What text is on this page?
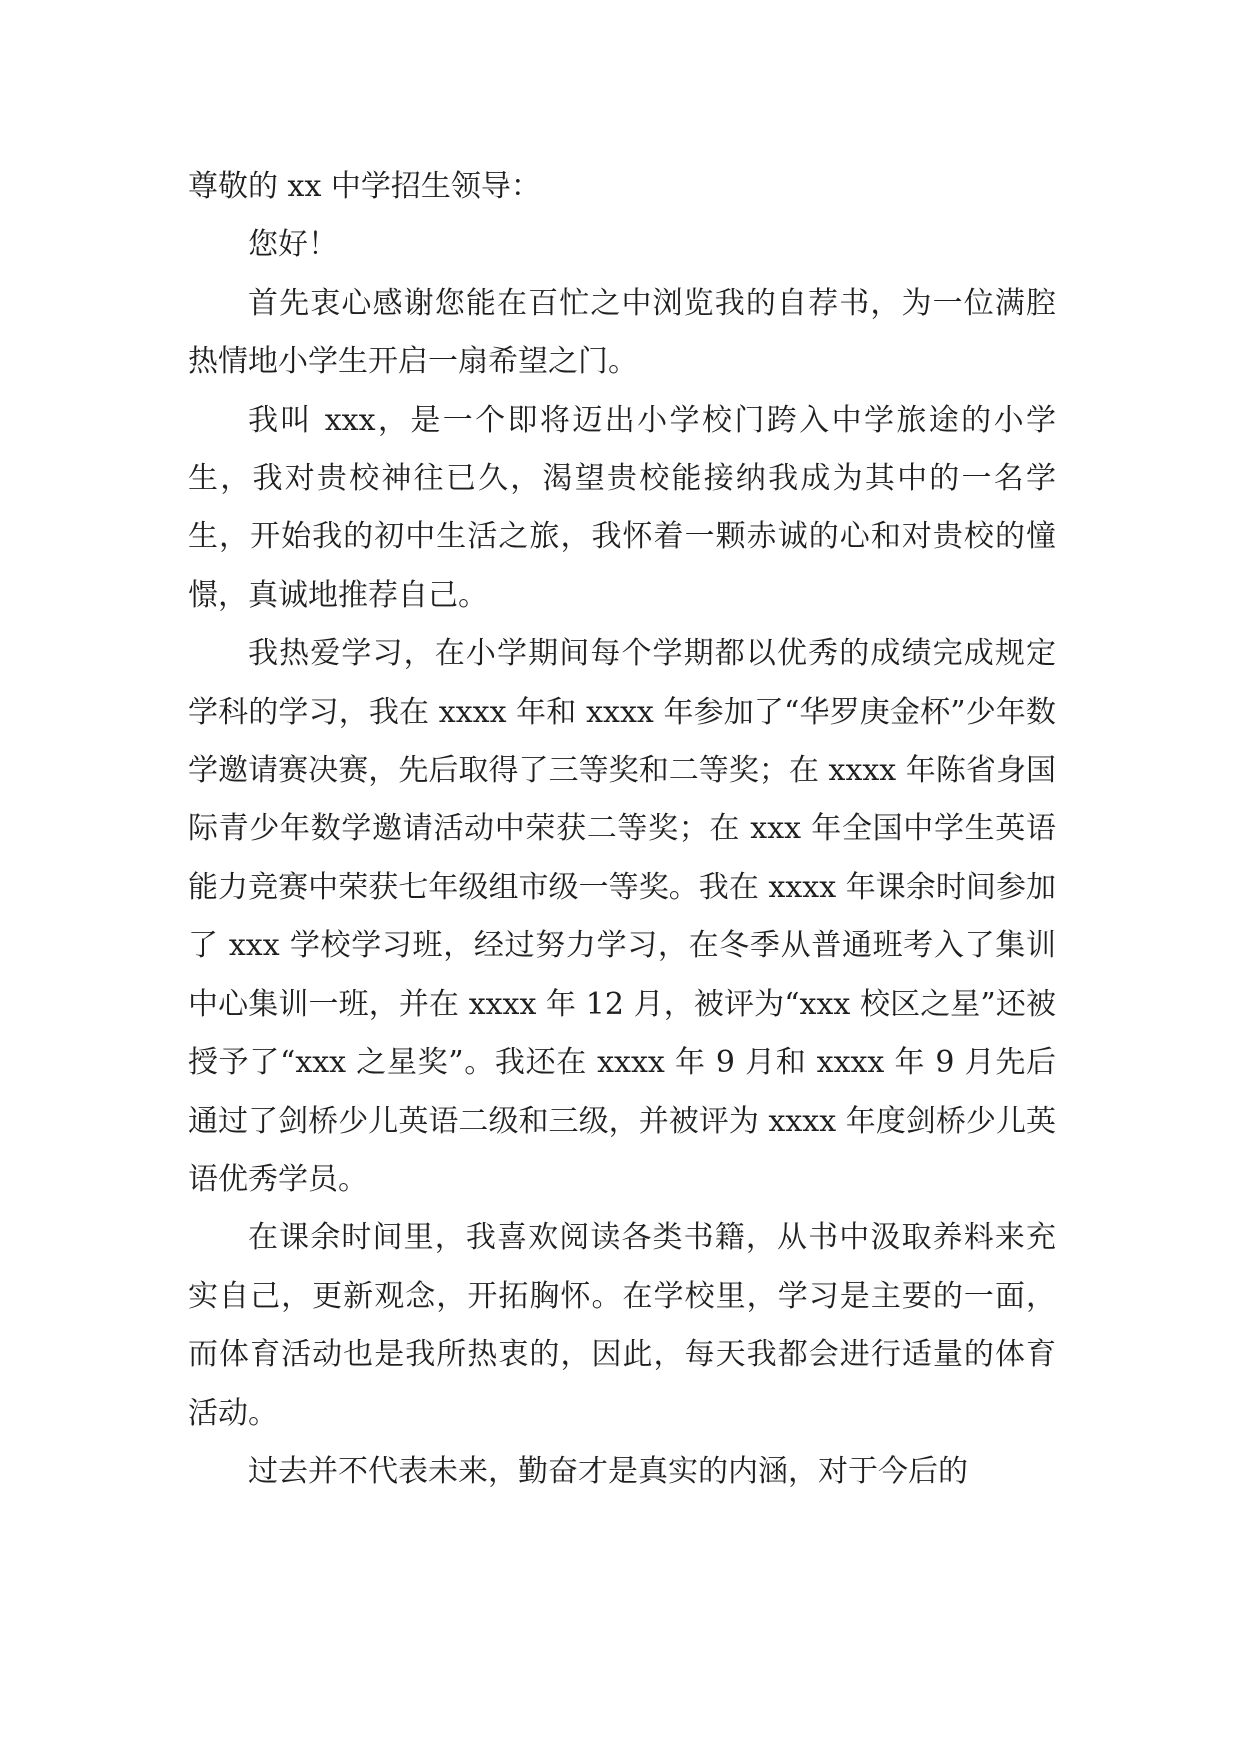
尊敬的 xx 中学招生领导：

您好！

首先衷心感谢您能在百忙之中浏览我的自荐书，为一位满腔热情地小学生开启一扇希望之门。

我叫 xxx，是一个即将迈出小学校门跨入中学旅途的小学生，我对贵校神往已久，渴望贵校能接纳我成为其中的一名学生，开始我的初中生活之旅，我怀着一颗赤诚的心和对贵校的憧憬，真诚地推荐自己。

我热爱学习，在小学期间每个学期都以优秀的成绩完成规定学科的学习，我在 xxxx 年和 xxxx 年参加了“华罗庚金杯”少年数学邀请赛决赛，先后取得了三等奖和二等奖；在 xxxx 年陈省身国际青少年数学邀请活动中荣获二等奖；在 xxx 年全国中学生英语能力竞赛中荣获七年级组市级一等奖。我在 xxxx 年课余时间参加了 xxx 学校学习班，经过努力学习，在冬季从普通班考入了集训中心集训一班，并在 xxxx 年 12 月，被评为“xxx 校区之星”还被授予了“xxx 之星奖”。我还在 xxxx 年 9 月和 xxxx 年 9 月先后通过了剑桥少儿英语二级和三级，并被评为 xxxx 年度剑桥少儿英语优秀学员。

在课余时间里，我喜欢阅读各类书籍，从书中汲取养料来充实自己，更新观念，开拓胸怀。在学校里，学习是主要的一面，而体育活动也是我所热衷的，因此，每天我都会进行适量的体育活动。

过去并不代表未来，勤奋才是真实的内涵，对于今后的
